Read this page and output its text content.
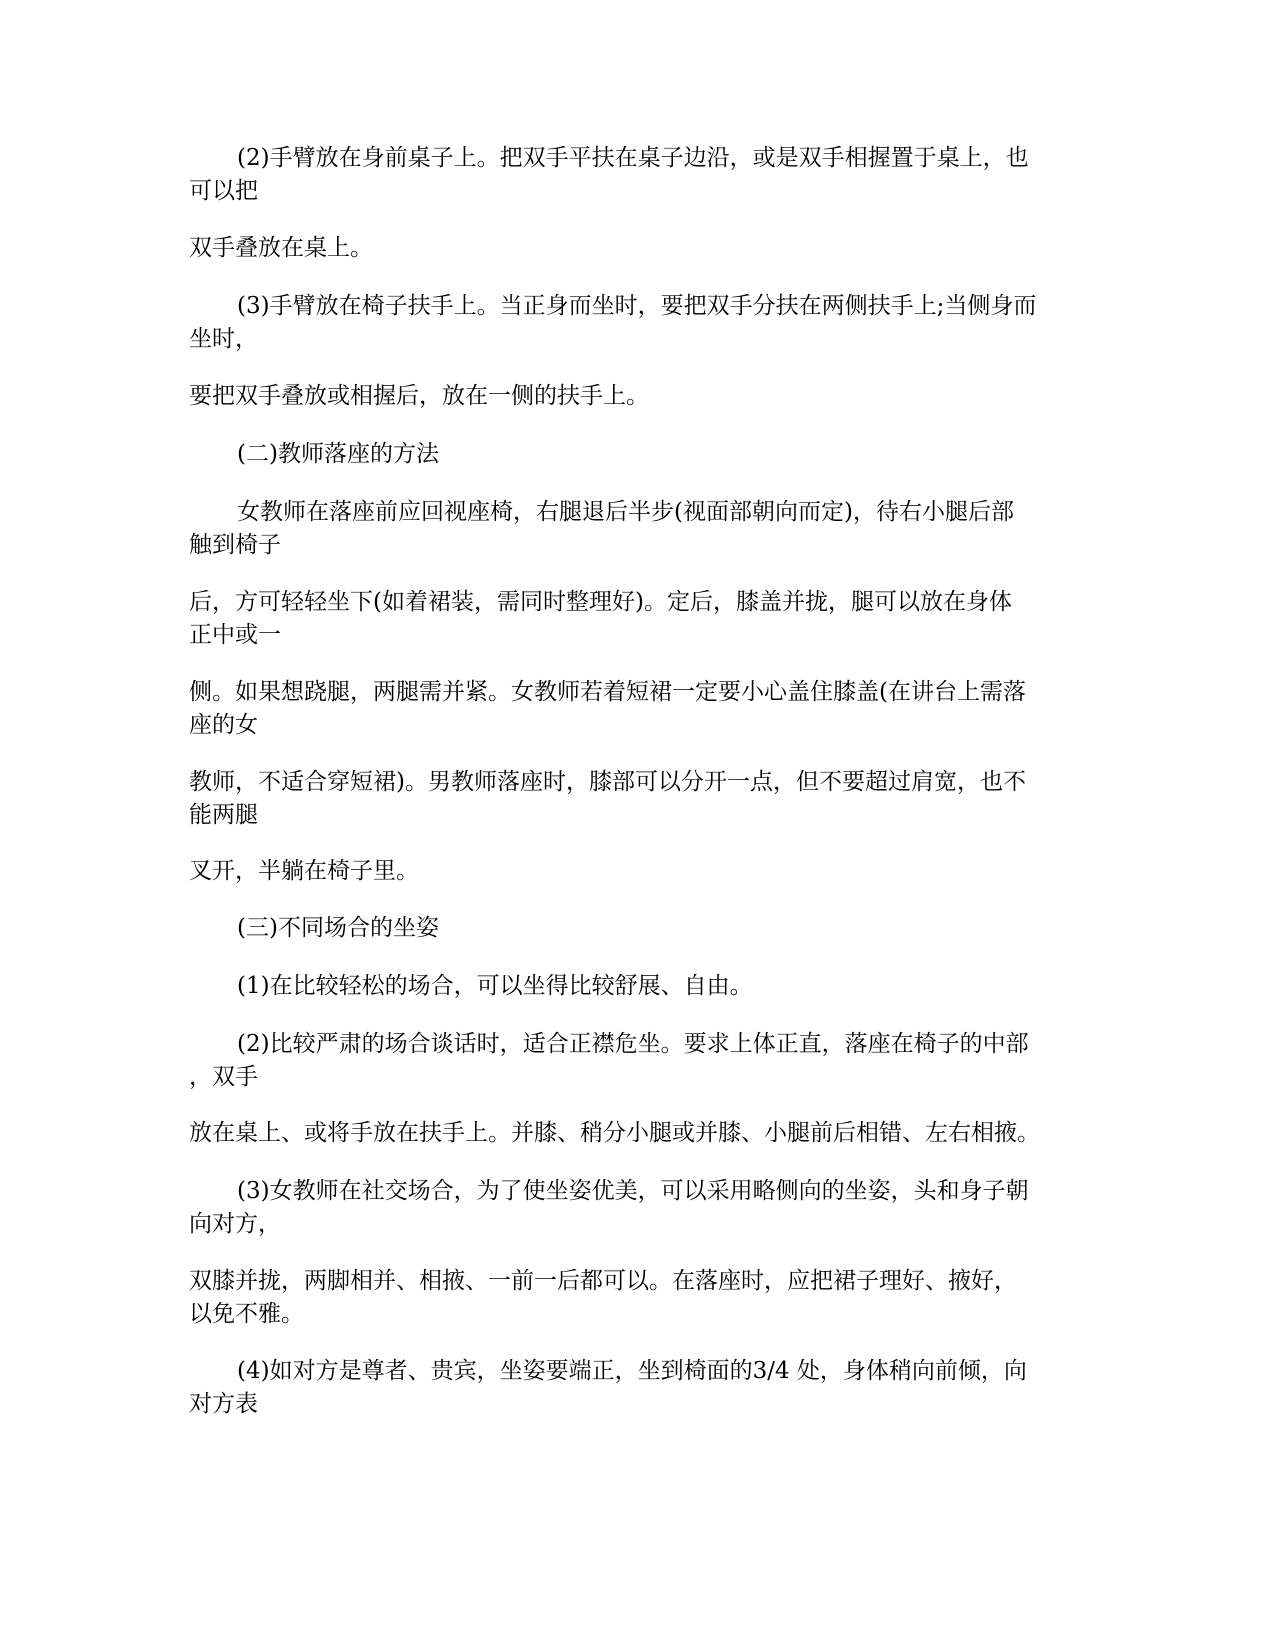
(2)手臂放在身前桌子上。把双手平扶在桌子边沿，或是双手相握置于桌上，也

可以把

双手叠放在桌上。

(3)手臂放在椅子扶手上。当正身而坐时，要把双手分扶在两侧扶手上;当侧身而

坐时，

要把双手叠放或相握后，放在一侧的扶手上。

(二)教师落座的方法

女教师在落座前应回视座椅，右腿退后半步(视面部朝向而定)，待右小腿后部

触到椅子

后，方可轻轻坐下(如着裙装，需同时整理好)。定后，膝盖并拢，腿可以放在身体

正中或一

侧。如果想跷腿，两腿需并紧。女教师若着短裙一定要小心盖住膝盖(在讲台上需落

座的女

教师，不适合穿短裙)。男教师落座时，膝部可以分开一点，但不要超过肩宽，也不

能两腿

叉开，半躺在椅子里。

(三)不同场合的坐姿

(1)在比较轻松的场合，可以坐得比较舒展、自由。

(2)比较严肃的场合谈话时，适合正襟危坐。要求上体正直，落座在椅子的中部

，双手

放在桌上、或将手放在扶手上。并膝、稍分小腿或并膝、小腿前后相错、左右相掖。

(3)女教师在社交场合，为了使坐姿优美，可以采用略侧向的坐姿，头和身子朝

向对方，

双膝并拢，两脚相并、相掖、一前一后都可以。在落座时，应把裙子理好、掖好，

以免不雅。

(4)如对方是尊者、贵宾，坐姿要端正，坐到椅面的3/4 处，身体稍向前倾，向

对方表
